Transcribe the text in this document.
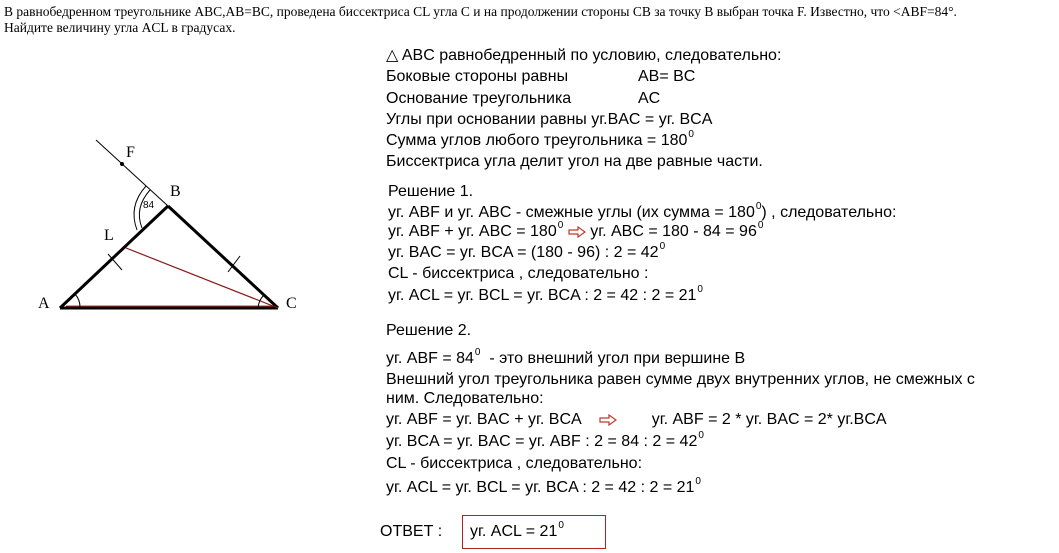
В равнобедренном треугольнике ABC,AB=BC, проведена биссектриса CL угла C и на продолжении стороны CB за точку B выбран точка F. Известно, что <ABF=84°.
Найдите величину угла ACL в градусах.
F
B
L
A	C
84
△ ABC равнобедренный по условию, следовательно:
Боковые стороны равны	AB= BC
Основание треугольника	AC
Углы при основании равны уг.BAC = уг. BCA
Сумма углов любого треугольника = $180^0$
Биссектриса угла делит угол на две равные части.
Решение 1.
уг. ABF и уг. ABC - смежные углы (их сумма = $180^0$) , следовательно:
уг. ABF + уг. ABC = $180^0$ уг. ABC = $180 - 84 = 96^0$
уг. BAC = уг. BCA = (180 - 96) : $2 = 42^0$
CL - биссектриса , следовательно :
уг. ACL = уг. BCL = уг. BCA : 2 = 42 : $2 = 21^0$
Решение 2.
уг. ABF = $84^0$ - это внешний угол при вершине B
Внешний угол треугольника равен сумме двух внутренних углов, не смежных с
ним. Следовательно:
уг. ABF = уг. BAC + уг. BCA	уг. ABF = 2 * уг. BAC = 2* уг.BCA
уг. BCA = уг. BAC = уг. ABF : 2 = 84 : $2 = 42^0$
CL - биссектриса , следовательно:
уг. ACL = уг. BCL = уг. BCA : 2 = 42 : $2 = 21^0$
ОТВЕТ : уг. ACL = $21^0$
